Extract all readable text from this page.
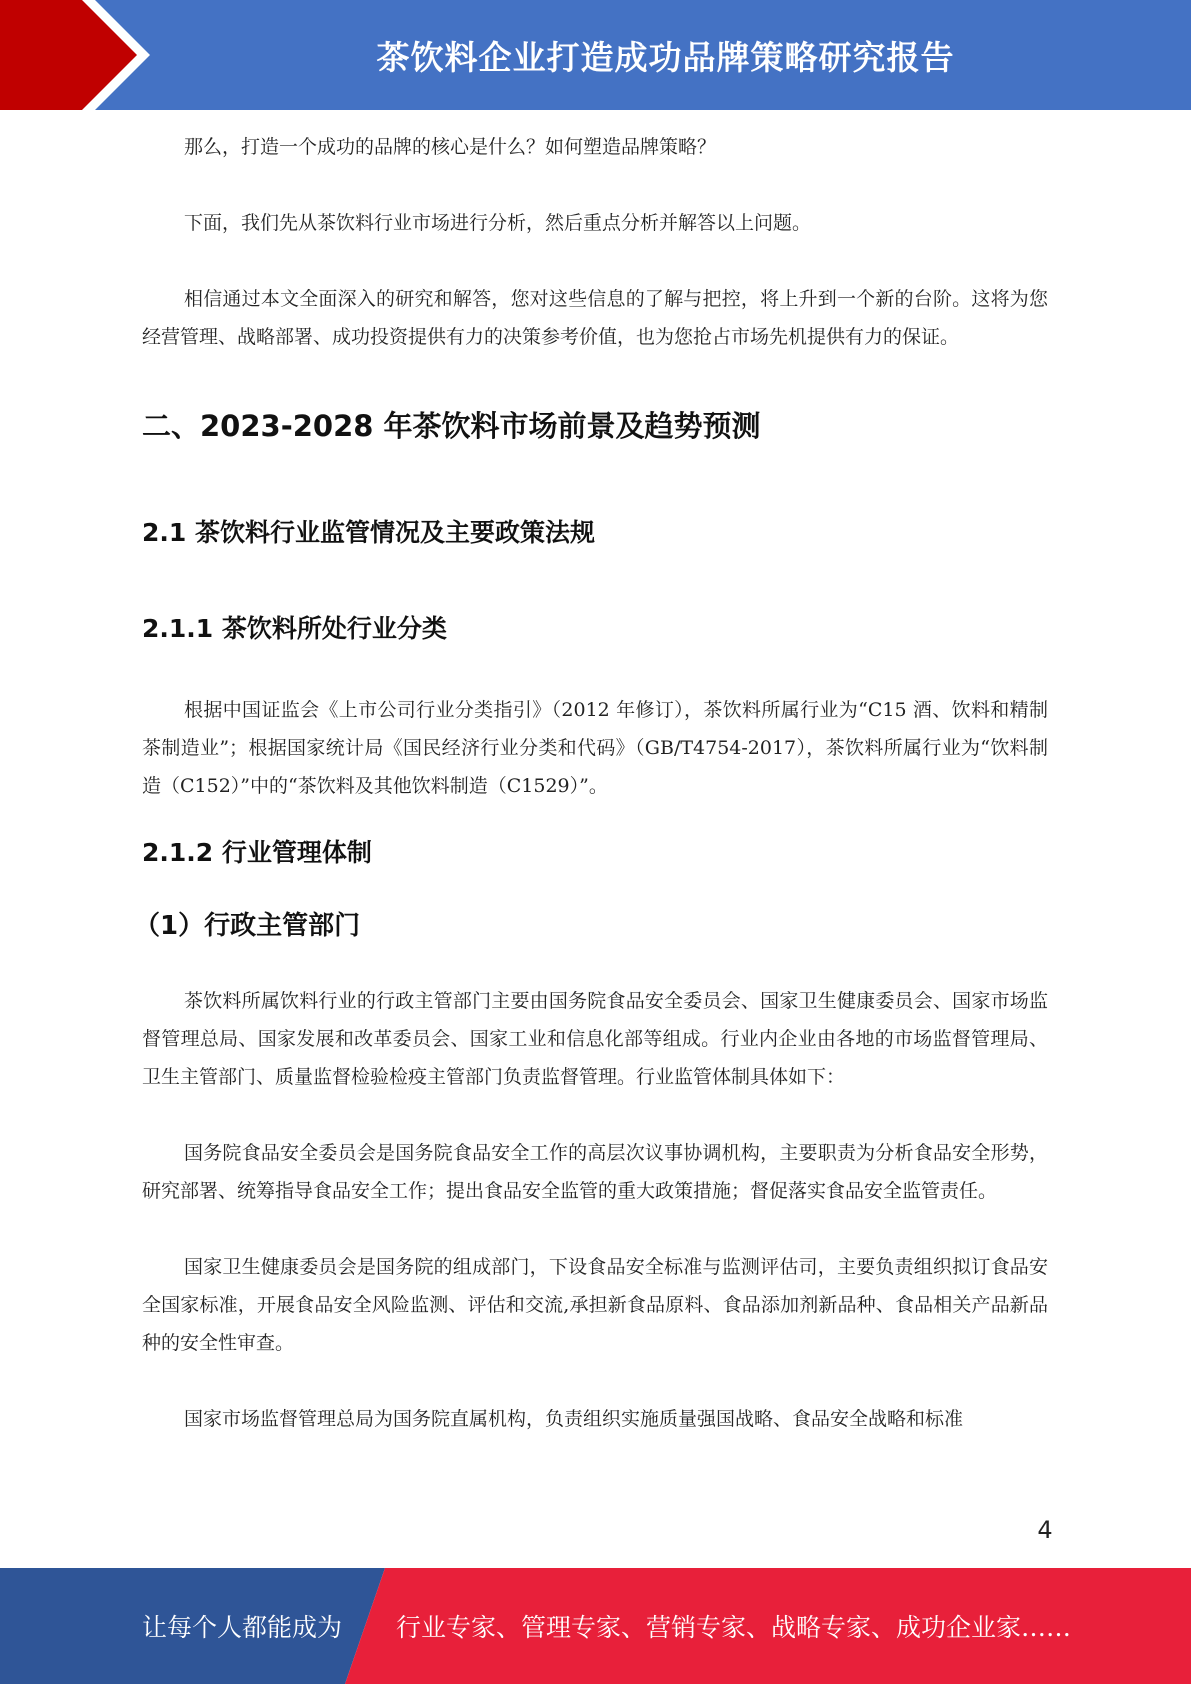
茶饮料企业打造成功品牌策略研究报告

那么，打造一个成功的品牌的核心是什么？如何塑造品牌策略？

下面，我们先从茶饮料行业市场进行分析，然后重点分析并解答以上问题。

相信通过本文全面深入的研究和解答，您对这些信息的了解与把控，将上升到一个新的台阶。这将为您经营管理、战略部署、成功投资提供有力的决策参考价值，也为您抢占市场先机提供有力的保证。

二、2023-2028 年茶饮料市场前景及趋势预测
2.1 茶饮料行业监管情况及主要政策法规
2.1.1 茶饮料所处行业分类

根据中国证监会《上市公司行业分类指引》（2012 年修订），茶饮料所属行业为“C15 酒、饮料和精制茶制造业”；根据国家统计局《国民经济行业分类和代码》（GB/T4754-2017），茶饮料所属行业为“饮料制造（C152）”中的“茶饮料及其他饮料制造（C1529）”。

2.1.2 行业管理体制
（1）行政主管部门

茶饮料所属饮料行业的行政主管部门主要由国务院食品安全委员会、国家卫生健康委员会、国家市场监督管理总局、国家发展和改革委员会、国家工业和信息化部等组成。行业内企业由各地的市场监督管理局、卫生主管部门、质量监督检验检疫主管部门负责监督管理。行业监管体制具体如下：

国务院食品安全委员会是国务院食品安全工作的高层次议事协调机构，主要职责为分析食品安全形势，研究部署、统筹指导食品安全工作；提出食品安全监管的重大政策措施；督促落实食品安全监管责任。

国家卫生健康委员会是国务院的组成部门，下设食品安全标准与监测评估司，主要负责组织拟订食品安全国家标准，开展食品安全风险监测、评估和交流,承担新食品原料、食品添加剂新品种、食品相关产品新品种的安全性审查。

国家市场监督管理总局为国务院直属机构，负责组织实施质量强国战略、食品安全战略和标准

4
让每个人都能成为 行业专家、管理专家、营销专家、战略专家、成功企业家……
